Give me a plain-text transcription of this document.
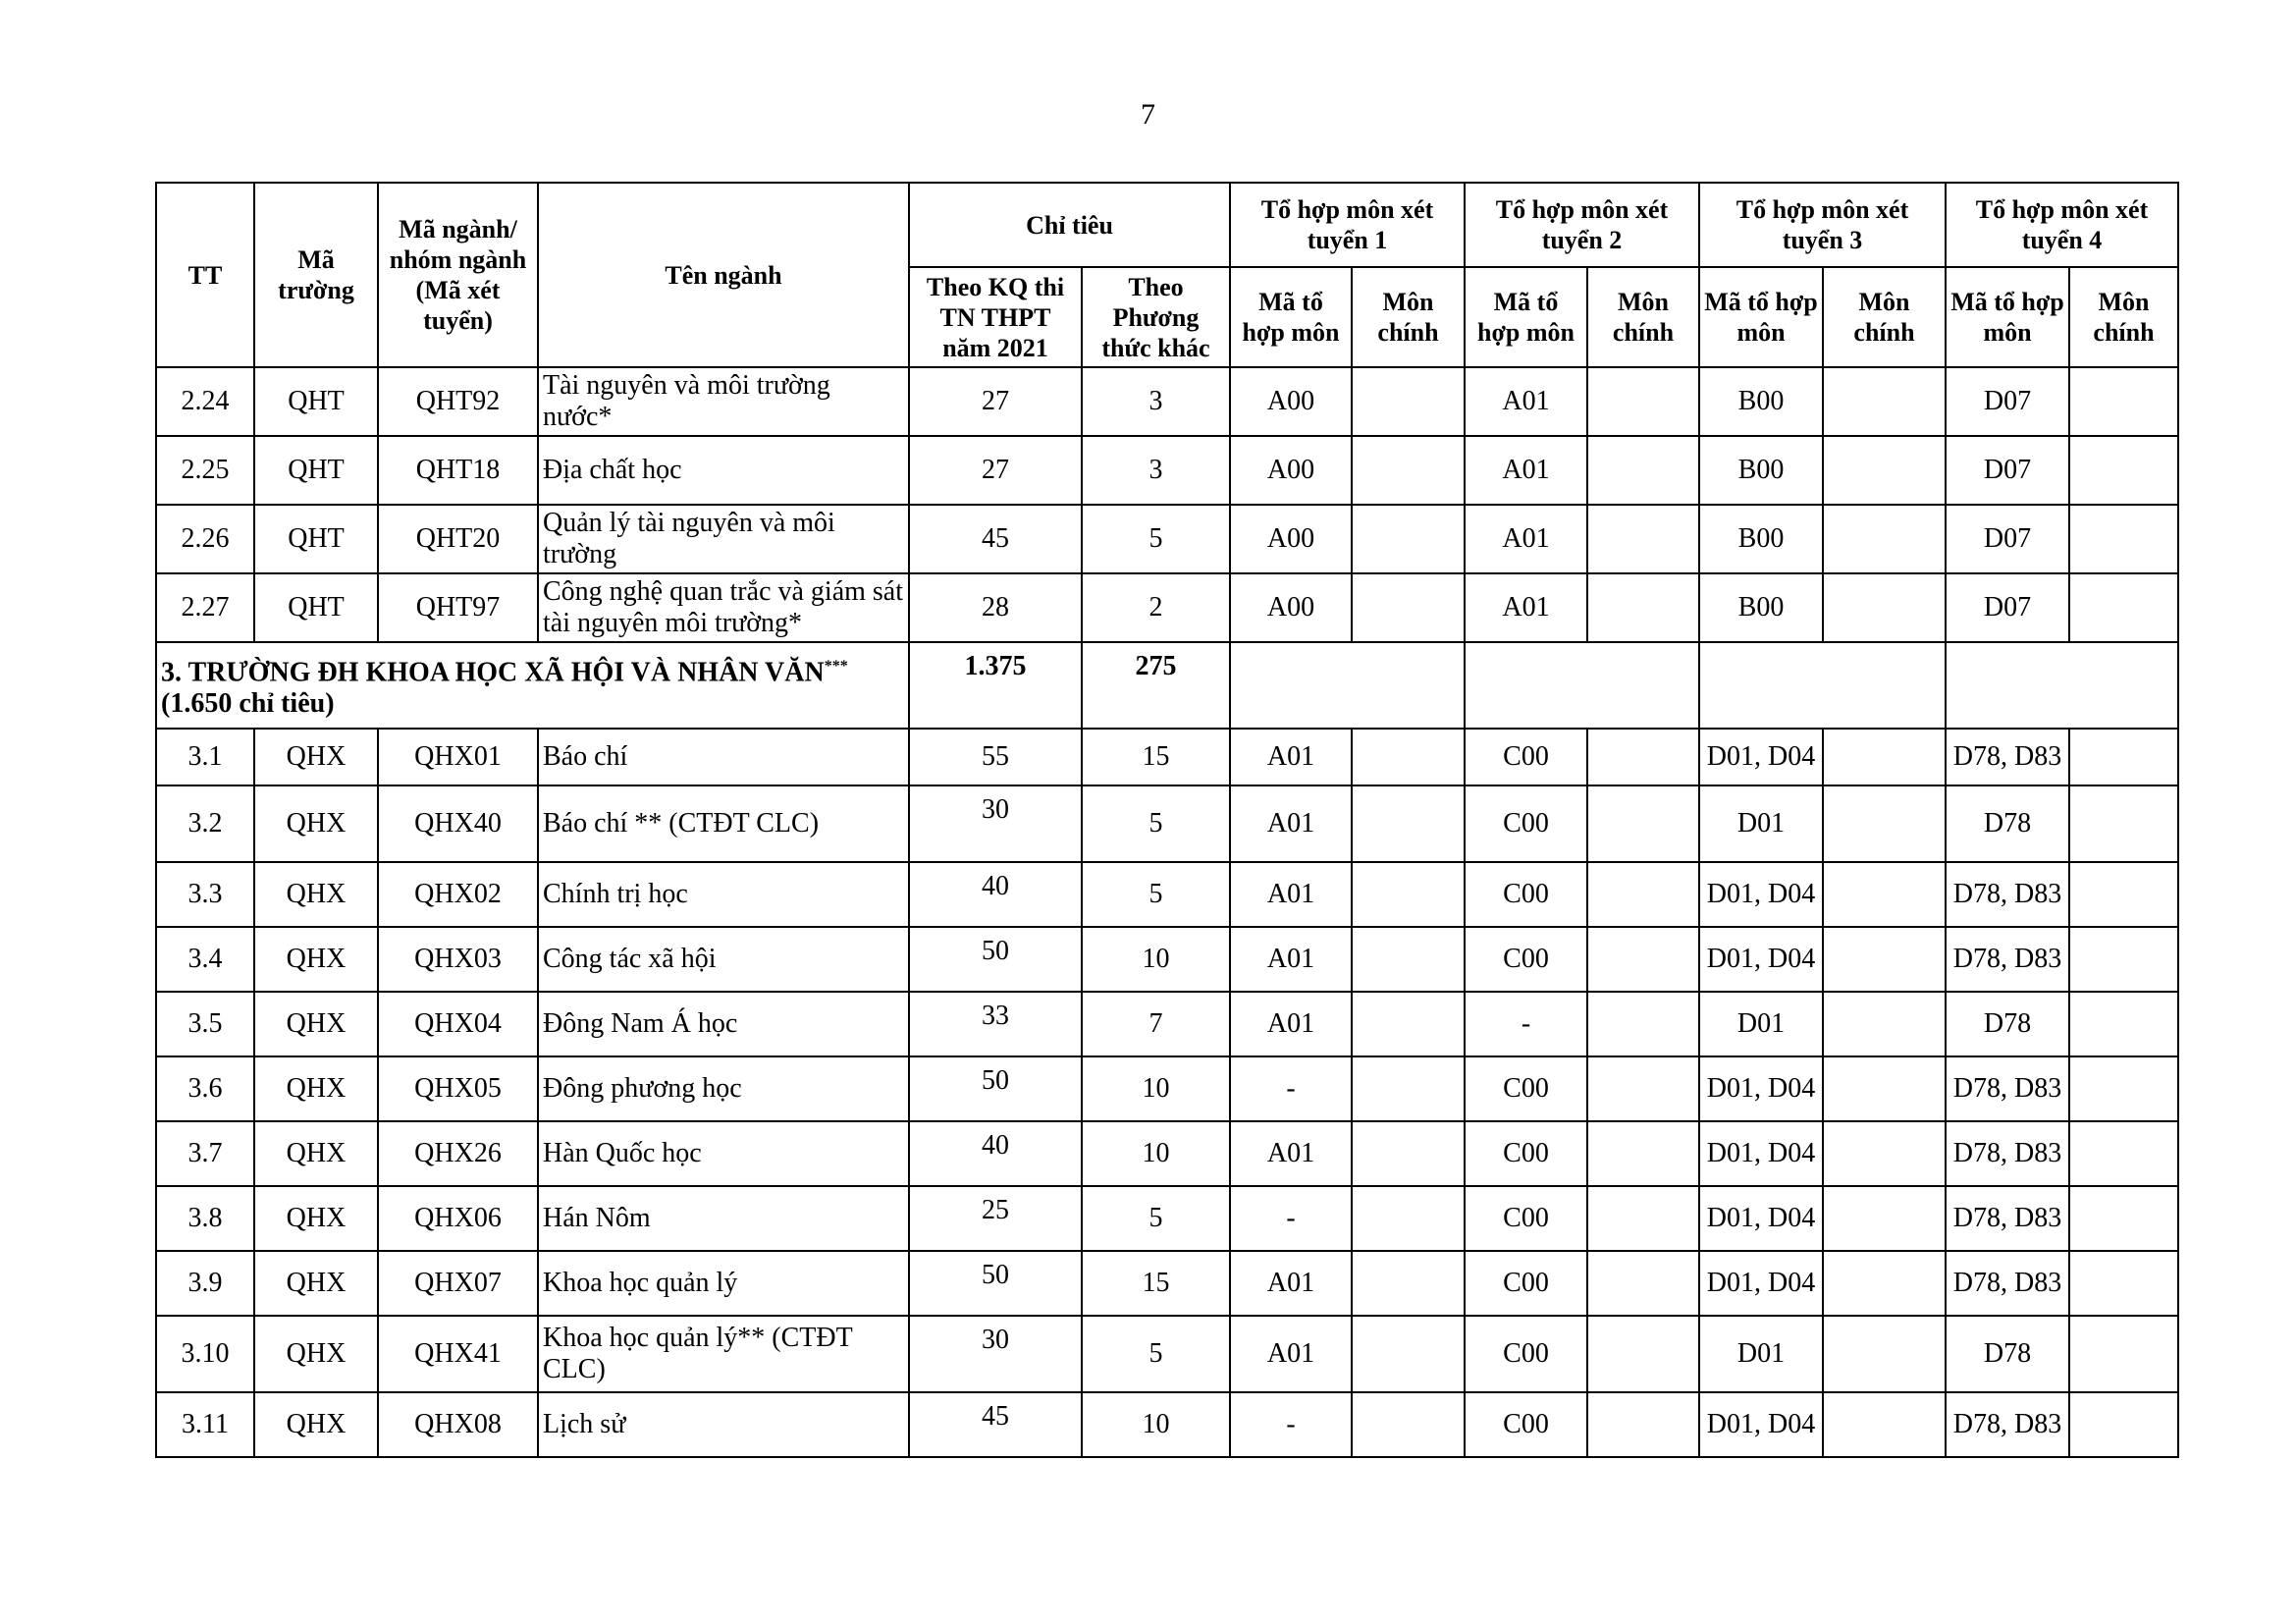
7
TT	Mã trường	Mã ngành/ nhóm ngành (Mã xét tuyển)	Tên ngành	Chỉ tiêu		Tổ hợp môn xét tuyển 1		Tổ hợp môn xét tuyển 2		Tổ hợp môn xét tuyển 3		Tổ hợp môn xét tuyển 4	
				Theo KQ thi TN THPT năm 2021	Theo Phương thức khác	Mã tổ hợp môn	Môn chính	Mã tổ hợp môn	Môn chính	Mã tổ hợp môn	Môn chính	Mã tổ hợp môn	Môn chính
2.24	QHT	QHT92	Tài nguyên và môi trường nước*	27	3	A00		A01		B00		D07	
2.25	QHT	QHT18	Địa chất học	27	3	A00		A01		B00		D07	
2.26	QHT	QHT20	Quản lý tài nguyên và môi trường	45	5	A00		A01		B00		D07	
2.27	QHT	QHT97	Công nghệ quan trắc và giám sát tài nguyên môi trường*	28	2	A00		A01		B00		D07	
3. TRƯỜNG ĐH KHOA HỌC XÃ HỘI VÀ NHÂN VĂN***
(1.650 chỉ tiêu)				1.375	275								
3.1	QHX	QHX01	Báo chí	55	15	A01		C00		D01, D04		D78, D83	
3.2	QHX	QHX40	Báo chí ** (CTĐT CLC)	30	5	A01		C00		D01		D78	
3.3	QHX	QHX02	Chính trị học	40	5	A01		C00		D01, D04		D78, D83	
3.4	QHX	QHX03	Công tác xã hội	50	10	A01		C00		D01, D04		D78, D83	
3.5	QHX	QHX04	Đông Nam Á học	33	7	A01		-		D01		D78	
3.6	QHX	QHX05	Đông phương học	50	10	-		C00		D01, D04		D78, D83	
3.7	QHX	QHX26	Hàn Quốc học	40	10	A01		C00		D01, D04		D78, D83	
3.8	QHX	QHX06	Hán Nôm	25	5	-		C00		D01, D04		D78, D83	
3.9	QHX	QHX07	Khoa học quản lý	50	15	A01		C00		D01, D04		D78, D83	
3.10	QHX	QHX41	Khoa học quản lý** (CTĐT CLC)	30	5	A01		C00		D01		D78	
3.11	QHX	QHX08	Lịch sử	45	10	-		C00		D01, D04		D78, D83	
